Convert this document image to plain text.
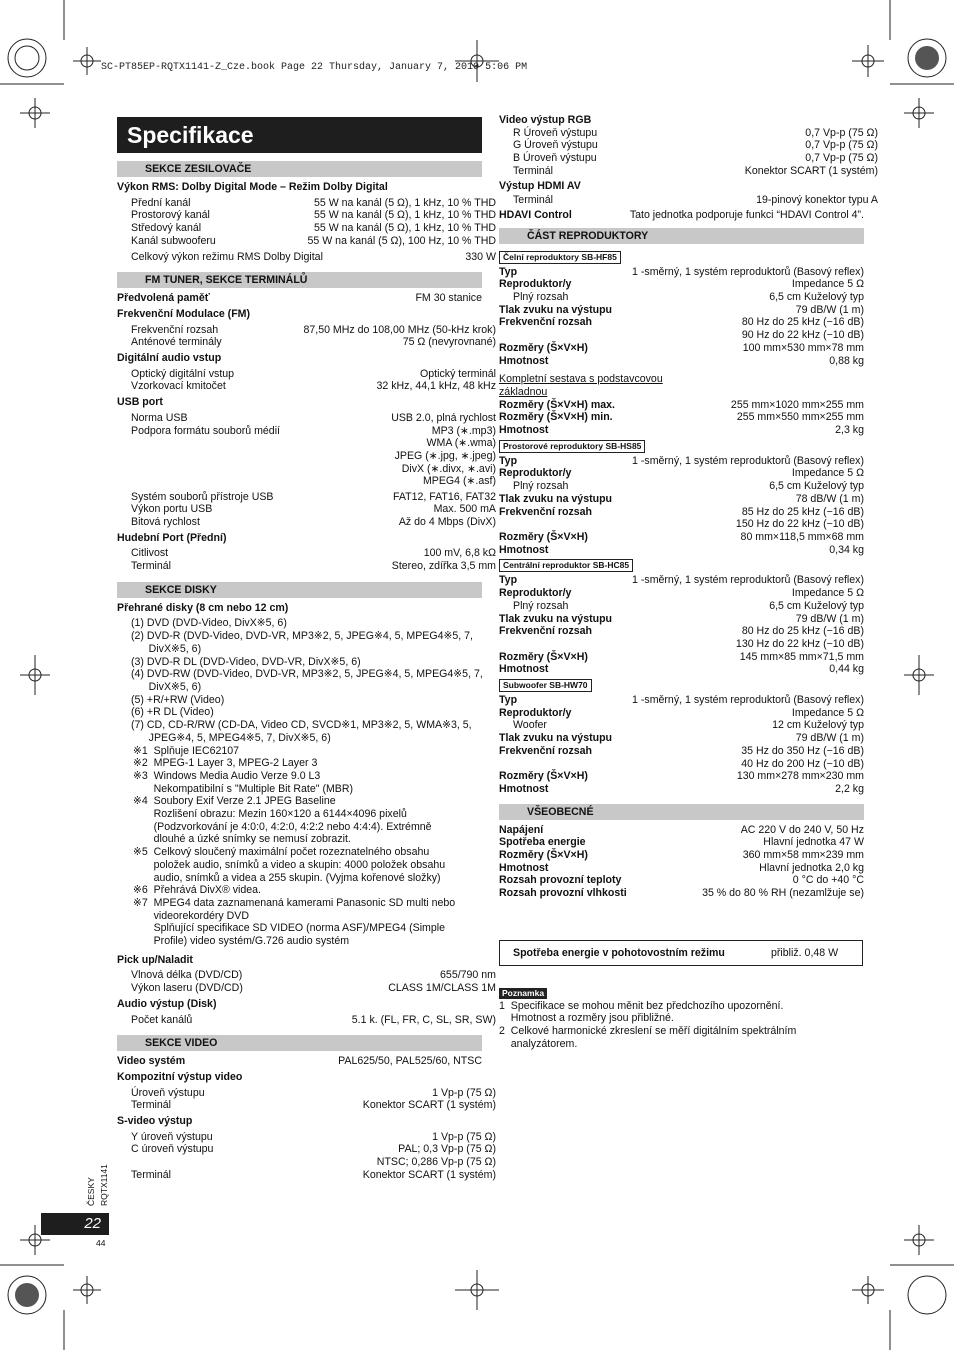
SC-PT85EP-RQTX1141-Z_Cze.book Page 22 Thursday, January 7, 2010 5:06 PM
Specifikace
SEKCE ZESILOVAČE
Výkon RMS: Dolby Digital Mode – Režim Dolby Digital
Přední kanál	55 W na kanál (5 Ω), 1 kHz, 10 % THD
Prostorový kanál	55 W na kanál (5 Ω), 1 kHz, 10 % THD
Středový kanál	55 W na kanál (5 Ω), 1 kHz, 10 % THD
Kanál subwooferu	55 W na kanál (5 Ω), 100 Hz, 10 % THD
Celkový výkon režimu RMS Dolby Digital	330 W
FM TUNER, SEKCE TERMINÁLŮ
Předvolená paměť	FM 30 stanice
Frekvenční Modulace (FM)
Frekvenční rozsah	87,50 MHz do 108,00 MHz (50-kHz krok)
Anténové terminály	75 Ω (nevyrovnané)
Digitální audio vstup
Optický digitální vstup	Optický terminál
Vzorkovací kmitočet	32 kHz, 44,1 kHz, 48 kHz
USB port
Norma USB	USB 2.0, plná rychlost
Podpora formátu souborů médií	MP3 (∗.mp3)
WMA (∗.wma)
JPEG (∗.jpg, ∗.jpeg)
DivX (∗.divx, ∗.avi)
MPEG4 (∗.asf)
Systém souborů přístroje USB	FAT12, FAT16, FAT32
Výkon portu USB	Max. 500 mA
Bitová rychlost	Až do 4 Mbps (DivX)
Hudební Port (Přední)
Citlivost	100 mV, 6,8 kΩ
Terminál	Stereo, zdířka 3,5 mm
SEKCE DISKY
Přehrané disky (8 cm nebo 12 cm)
(1) DVD (DVD-Video, DivX※5, 6)
(2) DVD-R (DVD-Video, DVD-VR, MP3※2, 5, JPEG※4, 5, MPEG4※5, 7,
DivX※5, 6)
(3) DVD-R DL (DVD-Video, DVD-VR, DivX※5, 6)
(4) DVD-RW (DVD-Video, DVD-VR, MP3※2, 5, JPEG※4, 5, MPEG4※5, 7,
DivX※5, 6)
(5) +R/+RW (Video)
(6) +R DL (Video)
(7) CD, CD-R/RW (CD-DA, Video CD, SVCD※1, MP3※2, 5, WMA※3, 5,
JPEG※4, 5, MPEG4※5, 7, DivX※5, 6)
※1  Splňuje IEC62107
※2  MPEG-1 Layer 3, MPEG-2 Layer 3
※3  Windows Media Audio Verze 9.0 L3
Nekompatibilní s "Multiple Bit Rate" (MBR)
※4  Soubory Exif Verze 2.1 JPEG Baseline
Rozlišení obrazu: Mezin 160×120 a 6144×4096 pixelů
(Podzvorkování je 4:0:0, 4:2:0, 4:2:2 nebo 4:4:4). Extrémně
dlouhé a úzké snímky se nemusí zobrazit.
※5  Celkový sloučený maximální počet rozeznatelného obsahu
položek audio, snímků a video a skupin: 4000 položek obsahu
audio, snímků a videa a 255 skupin. (Vyjma kořenové složky)
※6  Přehrává DivX® videa.
※7  MPEG4 data zaznamenaná kamerami Panasonic SD multi nebo
videorekordéry DVD
Splňující specifikace SD VIDEO (norma ASF)/MPEG4 (Simple
Profile) video systém/G.726 audio systém
Pick up/Naladit
Vlnová délka (DVD/CD)	655/790 nm
Výkon laseru (DVD/CD)	CLASS 1M/CLASS 1M
Audio výstup (Disk)
Počet kanálů	5.1 k. (FL, FR, C, SL, SR, SW)
SEKCE VIDEO
Video systém	PAL625/50, PAL525/60, NTSC
Kompozitní výstup video
Úroveň výstupu	1 Vp-p (75 Ω)
Terminál	Konektor SCART (1 systém)
S-video výstup
Y úroveň výstupu	1 Vp-p (75 Ω)
C úroveň výstupu	PAL; 0,3 Vp-p (75 Ω)

NTSC; 0,286 Vp-p (75 Ω)
Terminál	Konektor SCART (1 systém)
Video výstup RGB
R Úroveň výstupu	0,7 Vp-p (75 Ω)
G Úroveň výstupu	0,7 Vp-p (75 Ω)
B Úroveň výstupu	0,7 Vp-p (75 Ω)
Terminál	Konektor SCART (1 systém)
Výstup HDMI AV
Terminál	19-pinový konektor typu A
HDAVI Control	Tato jednotka podporuje funkci “HDAVI Control 4”.
ČÁST REPRODUKTORY
Čelní reproduktory SB-HF85
Typ	1 -směrný, 1 systém reproduktorů (Basový reflex)
Reproduktor/y	Impedance 5 Ω
Plný rozsah	6,5 cm Kuželový typ
Tlak zvuku na výstupu	79 dB/W (1 m)
Frekvenční rozsah	80 Hz do 25 kHz (−16 dB)

90 Hz do 22 kHz (−10 dB)
Rozměry (Š×V×H)	100 mm×530 mm×78 mm
Hmotnost	0,88 kg
Kompletní sestava s podstavcovou základnou
Rozměry (Š×V×H) max.	255 mm×1020 mm×255 mm
Rozměry (Š×V×H) min.	255 mm×550 mm×255 mm
Hmotnost	2,3 kg
Prostorové reproduktory SB-HS85
Typ	1 -směrný, 1 systém reproduktorů (Basový reflex)
Reproduktor/y	Impedance 5 Ω
Plný rozsah	6,5 cm Kuželový typ
Tlak zvuku na výstupu	78 dB/W (1 m)
Frekvenční rozsah	85 Hz do 25 kHz (−16 dB)

150 Hz do 22 kHz (−10 dB)
Rozměry (Š×V×H)	80 mm×118,5 mm×68 mm
Hmotnost	0,34 kg
Centrální reproduktor SB-HC85
Typ	1 -směrný, 1 systém reproduktorů (Basový reflex)
Reproduktor/y	Impedance 5 Ω
Plný rozsah	6,5 cm Kuželový typ
Tlak zvuku na výstupu	79 dB/W (1 m)
Frekvenční rozsah	80 Hz do 25 kHz (−16 dB)

130 Hz do 22 kHz (−10 dB)
Rozměry (Š×V×H)	145 mm×85 mm×71,5 mm
Hmotnost	0,44 kg
Subwoofer SB-HW70
Typ	1 -směrný, 1 systém reproduktorů (Basový reflex)
Reproduktor/y	Impedance 5 Ω
Woofer	12 cm Kuželový typ
Tlak zvuku na výstupu	79 dB/W (1 m)
Frekvenční rozsah	35 Hz do 350 Hz (−16 dB)

40 Hz do 200 Hz (−10 dB)
Rozměry (Š×V×H)	130 mm×278 mm×230 mm
Hmotnost	2,2 kg
VŠEOBECNÉ
Napájení	AC 220 V do 240 V, 50 Hz
Spotřeba energie	Hlavní jednotka 47 W
Rozměry (Š×V×H)	360 mm×58 mm×239 mm
Hmotnost	Hlavní jednotka 2,0 kg
Rozsah provozní teploty	0 °C do +40 °C
Rozsah provozní vlhkosti	35 % do 80 % RH (nezamlžuje se)
Spotřeba energie v pohotovostním režimu	přibliž. 0,48 W
Poznamka
1  Specifikace se mohou měnit bez předchozího upozornění.
Hmotnost a rozměry jsou přibližné.
2  Celkové harmonické zkreslení se měří digitálním spektrálním
analyzátorem.
ČESKY RQTX1141
22
44
